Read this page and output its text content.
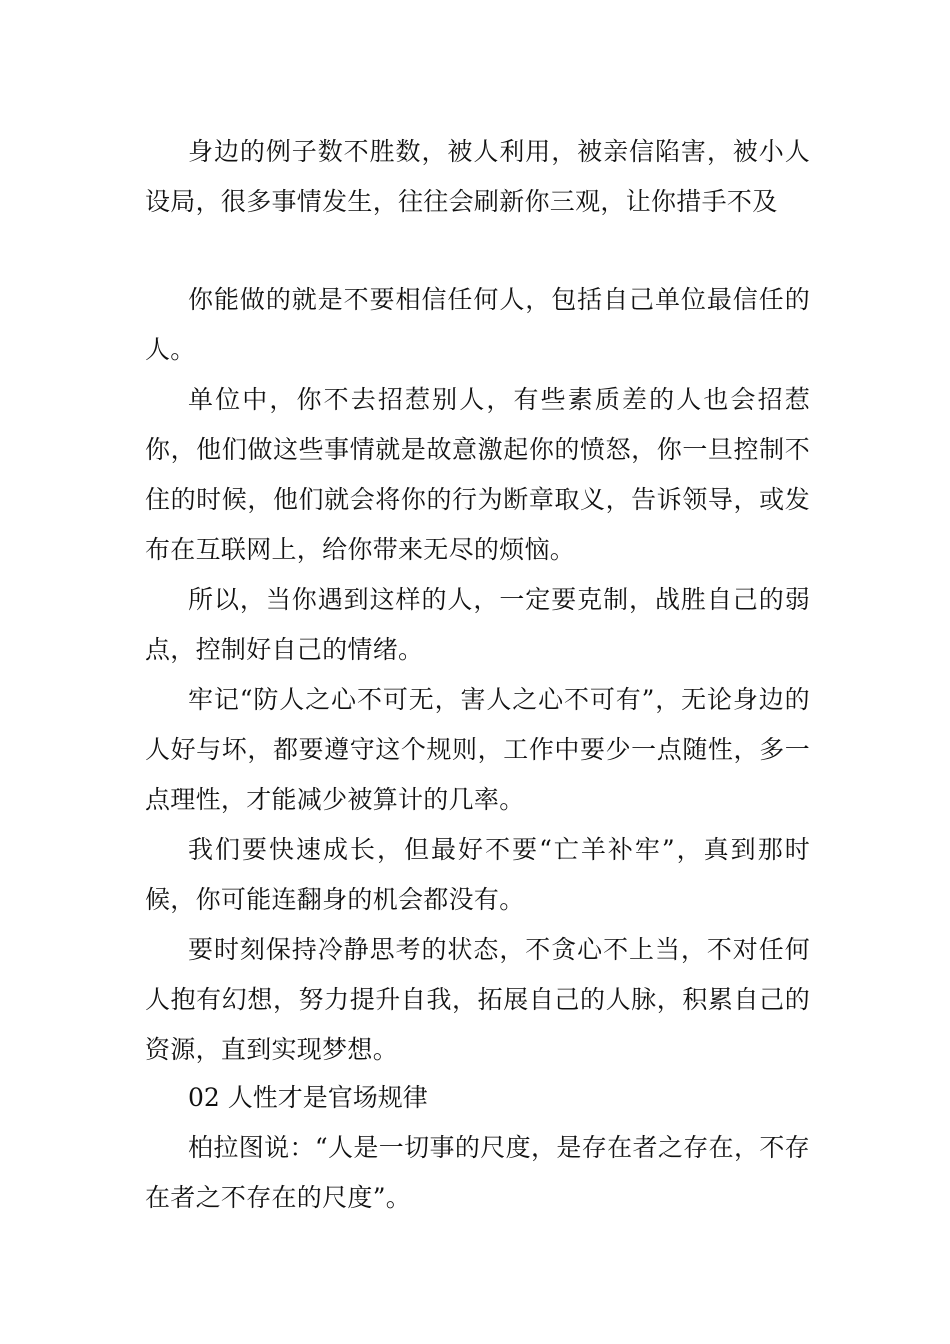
身边的例子数不胜数，被人利用，被亲信陷害，被小人设局，很多事情发生，往往会刷新你三观，让你措手不及

你能做的就是不要相信任何人，包括自己单位最信任的人。

单位中，你不去招惹别人，有些素质差的人也会招惹你，他们做这些事情就是故意激起你的愤怒，你一旦控制不住的时候，他们就会将你的行为断章取义，告诉领导，或发布在互联网上，给你带来无尽的烦恼。

所以，当你遇到这样的人，一定要克制，战胜自己的弱点，控制好自己的情绪。

牢记“防人之心不可无，害人之心不可有”，无论身边的人好与坏，都要遵守这个规则，工作中要少一点随性，多一点理性，才能减少被算计的几率。

我们要快速成长，但最好不要“亡羊补牢”，真到那时候，你可能连翻身的机会都没有。

要时刻保持冷静思考的状态，不贪心不上当，不对任何人抱有幻想，努力提升自我，拓展自己的人脉，积累自己的资源，直到实现梦想。

02 人性才是官场规律

柏拉图说：“人是一切事的尺度，是存在者之存在，不存在者之不存在的尺度”。
